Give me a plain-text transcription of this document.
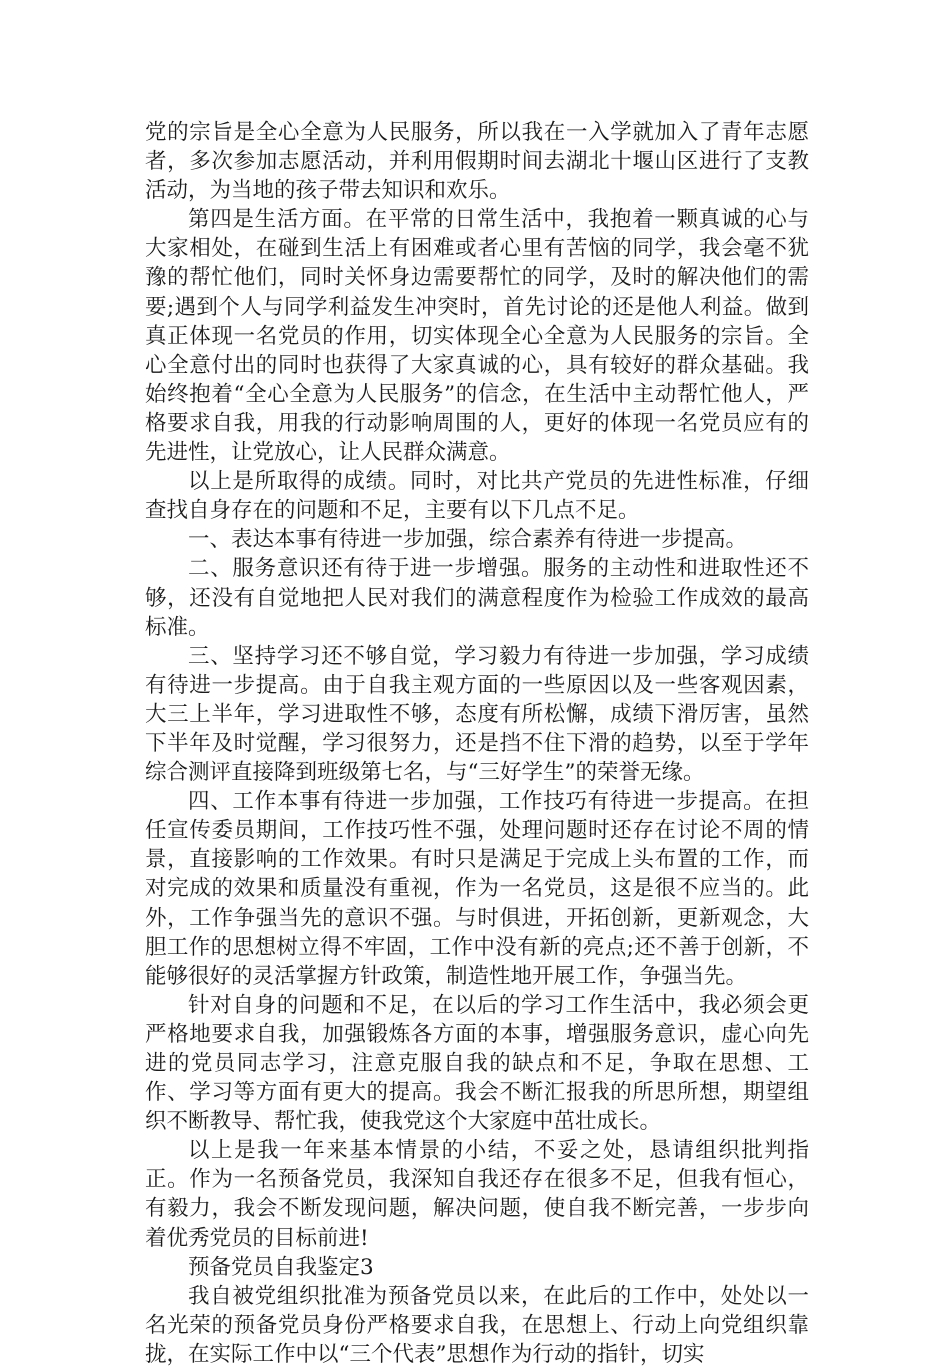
党的宗旨是全心全意为人民服务，所以我在一入学就加入了青年志愿者，多次参加志愿活动，并利用假期时间去湖北十堰山区进行了支教活动，为当地的孩子带去知识和欢乐。

第四是生活方面。在平常的日常生活中，我抱着一颗真诚的心与大家相处，在碰到生活上有困难或者心里有苦恼的同学，我会毫不犹豫的帮忙他们，同时关怀身边需要帮忙的同学，及时的解决他们的需要;遇到个人与同学利益发生冲突时，首先讨论的还是他人利益。做到真正体现一名党员的作用，切实体现全心全意为人民服务的宗旨。全心全意付出的同时也获得了大家真诚的心，具有较好的群众基础。我始终抱着“全心全意为人民服务”的信念，在生活中主动帮忙他人，严格要求自我，用我的行动影响周围的人，更好的体现一名党员应有的先进性，让党放心，让人民群众满意。

以上是所取得的成绩。同时，对比共产党员的先进性标准，仔细查找自身存在的问题和不足，主要有以下几点不足。

一、表达本事有待进一步加强，综合素养有待进一步提高。

二、服务意识还有待于进一步增强。服务的主动性和进取性还不够，还没有自觉地把人民对我们的满意程度作为检验工作成效的最高标准。

三、坚持学习还不够自觉，学习毅力有待进一步加强，学习成绩有待进一步提高。由于自我主观方面的一些原因以及一些客观因素，大三上半年，学习进取性不够，态度有所松懈，成绩下滑厉害，虽然下半年及时觉醒，学习很努力，还是挡不住下滑的趋势，以至于学年综合测评直接降到班级第七名，与“三好学生”的荣誉无缘。

四、工作本事有待进一步加强，工作技巧有待进一步提高。在担任宣传委员期间，工作技巧性不强，处理问题时还存在讨论不周的情景，直接影响的工作效果。有时只是满足于完成上头布置的工作，而对完成的效果和质量没有重视，作为一名党员，这是很不应当的。此外，工作争强当先的意识不强。与时俱进，开拓创新，更新观念，大胆工作的思想树立得不牢固，工作中没有新的亮点;还不善于创新，不能够很好的灵活掌握方针政策，制造性地开展工作，争强当先。

针对自身的问题和不足，在以后的学习工作生活中，我必须会更严格地要求自我，加强锻炼各方面的本事，增强服务意识，虚心向先进的党员同志学习，注意克服自我的缺点和不足，争取在思想、工作、学习等方面有更大的提高。我会不断汇报我的所思所想，期望组织不断教导、帮忙我，使我党这个大家庭中茁壮成长。

以上是我一年来基本情景的小结，不妥之处，恳请组织批判指正。作为一名预备党员，我深知自我还存在很多不足，但我有恒心，有毅力，我会不断发现问题，解决问题，使自我不断完善，一步步向着优秀党员的目标前进!

预备党员自我鉴定3

我自被党组织批准为预备党员以来，在此后的工作中，处处以一名光荣的预备党员身份严格要求自我，在思想上、行动上向党组织靠拢，在实际工作中以“三个代表”思想作为行动的指针，切实
